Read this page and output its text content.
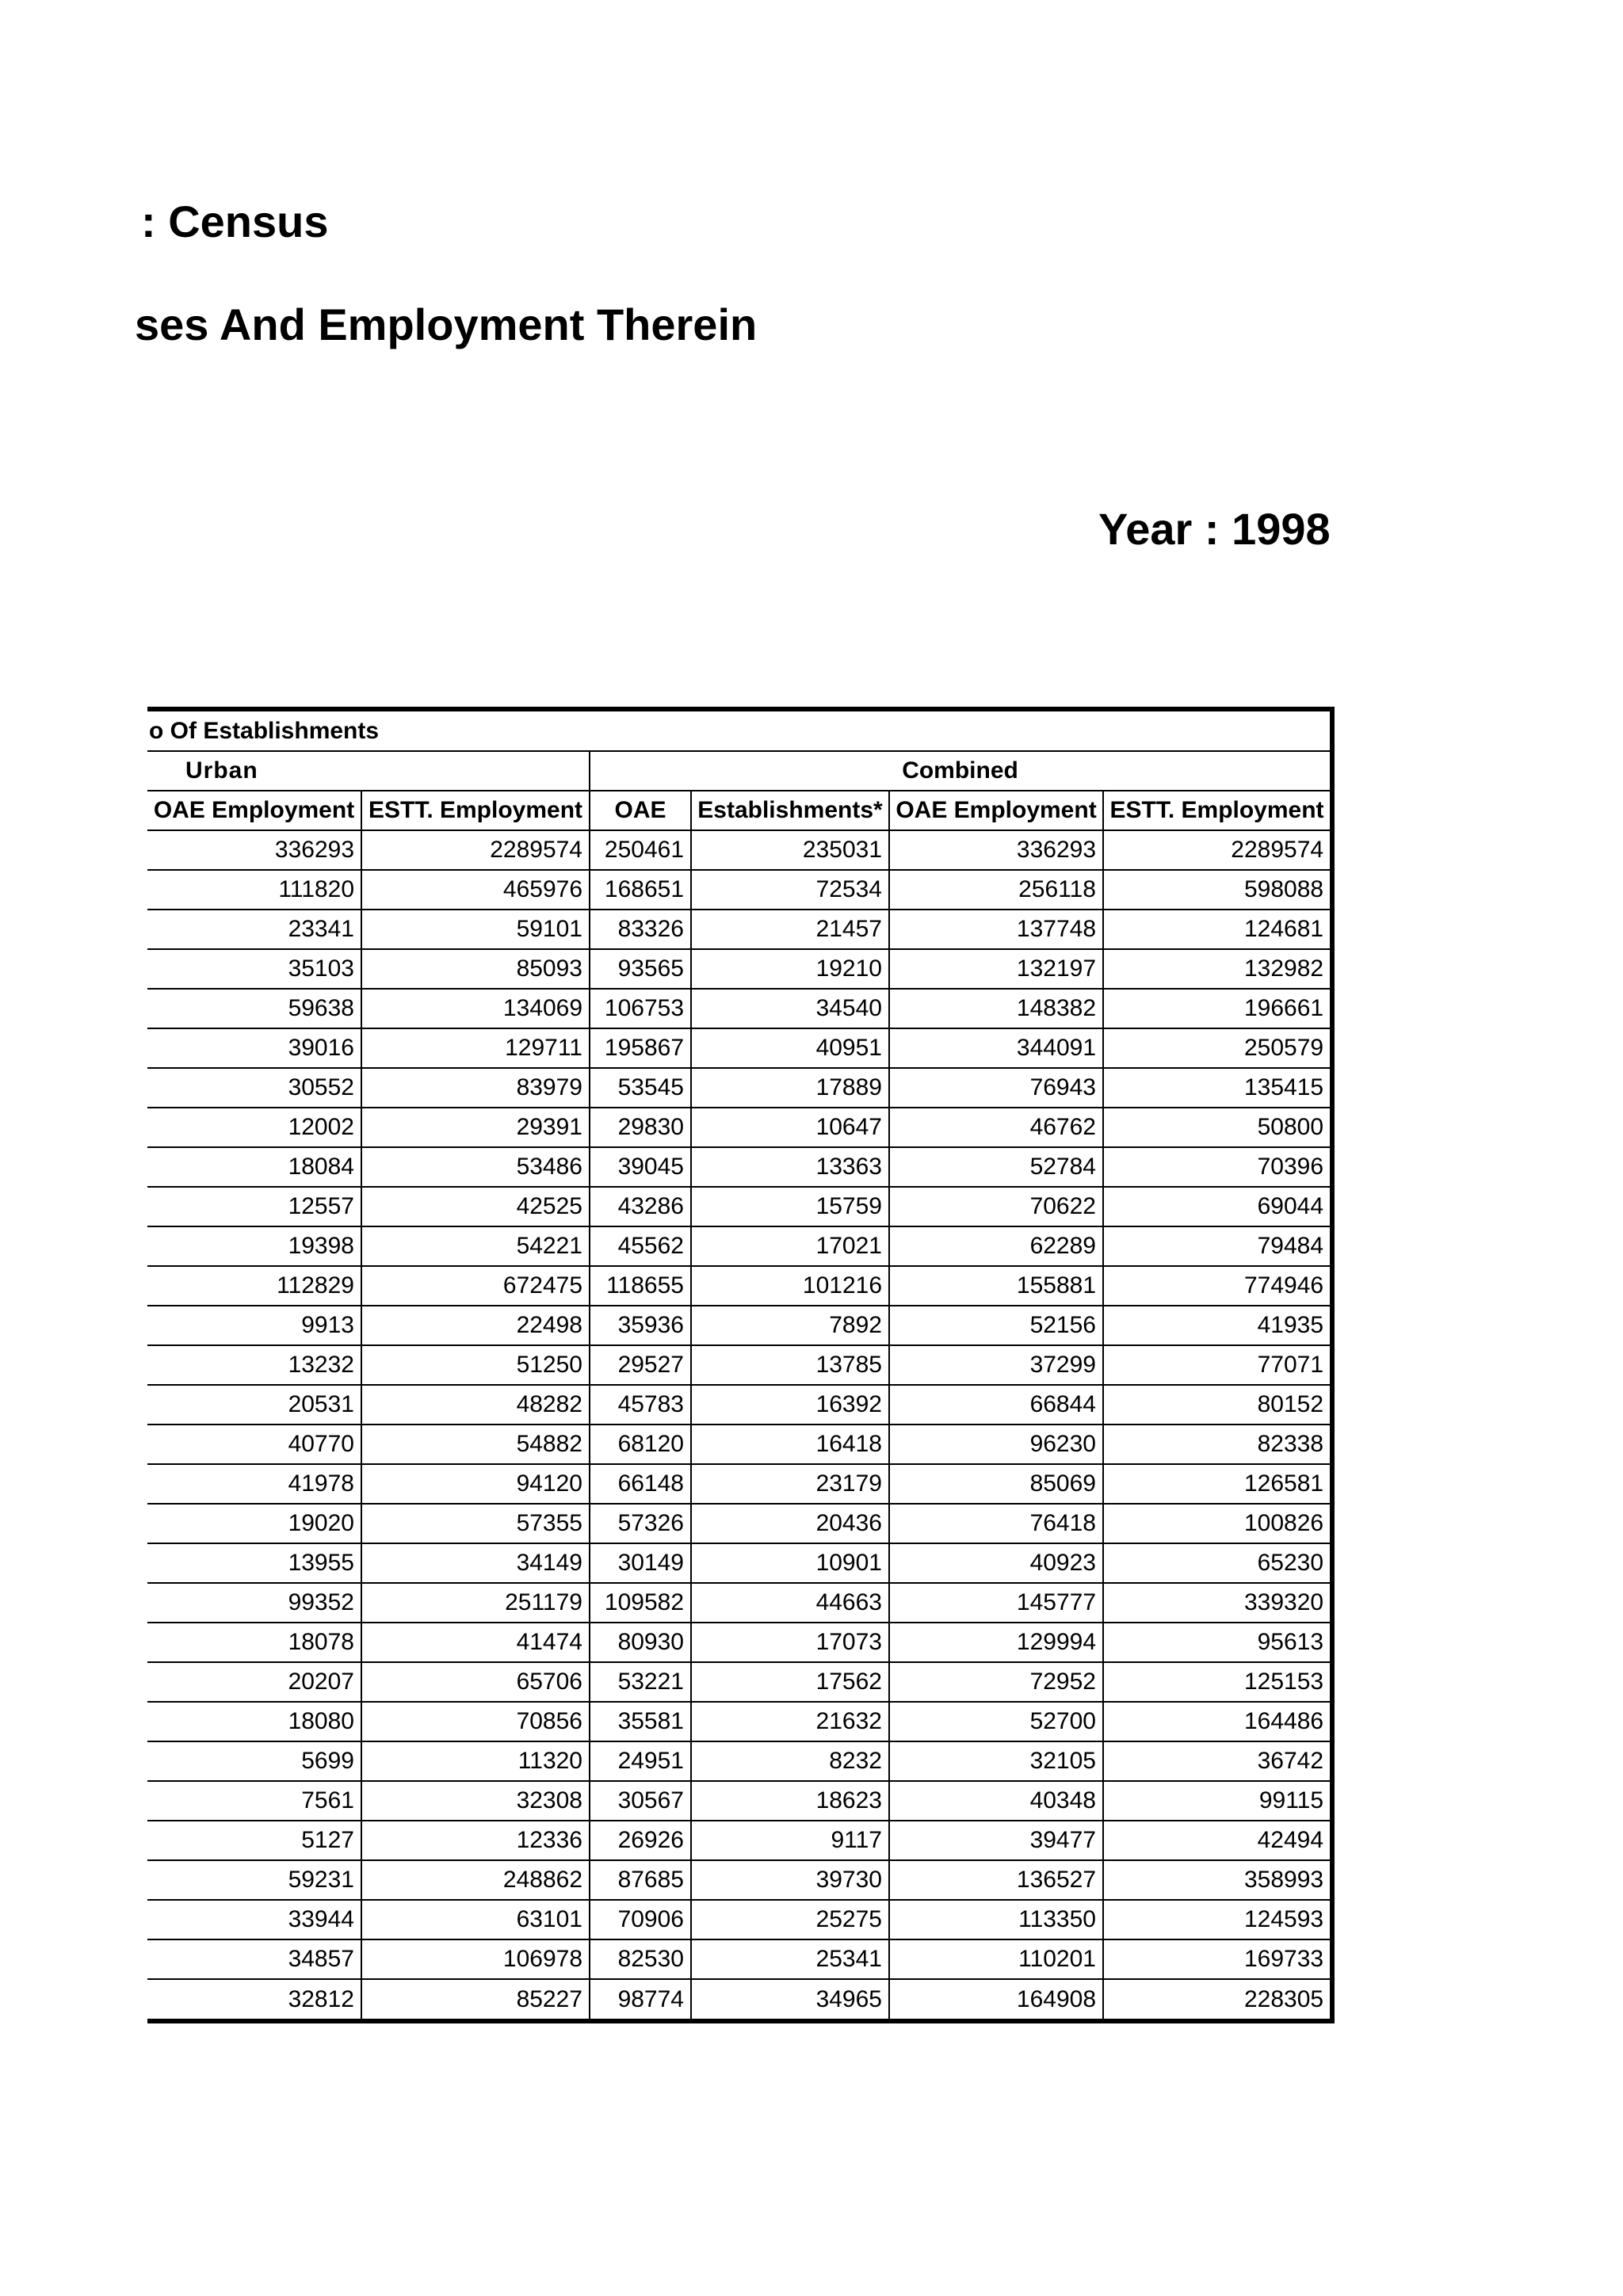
: Census
ses And Employment Therein
Year : 1998
o Of Establishments					
Urban		Combined			
OAE Employment	ESTT. Employment	OAE	Establishments*	OAE Employment	ESTT. Employment
336293	2289574	250461	235031	336293	2289574
111820	465976	168651	72534	256118	598088
23341	59101	83326	21457	137748	124681
35103	85093	93565	19210	132197	132982
59638	134069	106753	34540	148382	196661
39016	129711	195867	40951	344091	250579
30552	83979	53545	17889	76943	135415
12002	29391	29830	10647	46762	50800
18084	53486	39045	13363	52784	70396
12557	42525	43286	15759	70622	69044
19398	54221	45562	17021	62289	79484
112829	672475	118655	101216	155881	774946
9913	22498	35936	7892	52156	41935
13232	51250	29527	13785	37299	77071
20531	48282	45783	16392	66844	80152
40770	54882	68120	16418	96230	82338
41978	94120	66148	23179	85069	126581
19020	57355	57326	20436	76418	100826
13955	34149	30149	10901	40923	65230
99352	251179	109582	44663	145777	339320
18078	41474	80930	17073	129994	95613
20207	65706	53221	17562	72952	125153
18080	70856	35581	21632	52700	164486
5699	11320	24951	8232	32105	36742
7561	32308	30567	18623	40348	99115
5127	12336	26926	9117	39477	42494
59231	248862	87685	39730	136527	358993
33944	63101	70906	25275	113350	124593
34857	106978	82530	25341	110201	169733
32812	85227	98774	34965	164908	228305
